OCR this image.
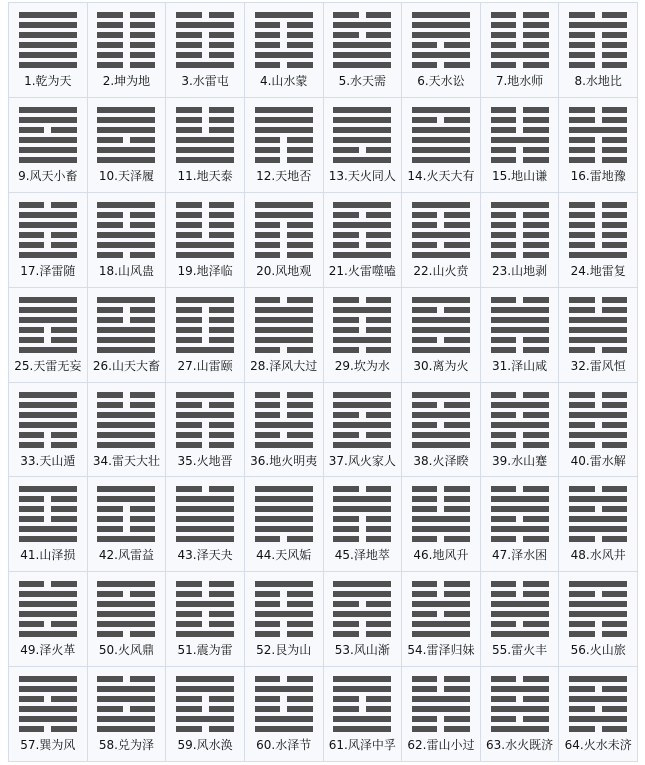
1.乾为天	2.坤为地	3.水雷屯	4.山水蒙	5.水天需	6.天水讼	7.地水师	8.水地比
9.风天小畜 10.天泽履 11.地天泰 12.天地否 13.天火同人 14.火天大有 15.地山谦 16.雷地豫
17.泽雷随 18.山风蛊 19.地泽临 20.风地观 21.火雷噬嗑 22.山火贲 23.山地剥 24.地雷复
25.天雷无妄 26.山天大畜 27.山雷颐 28.泽风大过 29.坎为水 30.离为火 31.泽山咸 32.雷风恒
33.天山遁 34.雷天大壮 35.火地晋 36.地火明夷 37.风火家人 38.火泽睽 39.水山蹇 40.雷水解
41.山泽损 42.风雷益 43.泽天夬 44.天风姤 45.泽地萃 46.地风升 47.泽水困 48.水风井
49.泽火革 50.火风鼎 51.震为雷 52.艮为山 53.风山渐 54.雷泽归妹 55.雷火丰 56.火山旅
57.巽为风 58.兑为泽 59.风水涣 60.水泽节 61.风泽中孚 62.雷山小过 63.水火既济 64.火水未济
